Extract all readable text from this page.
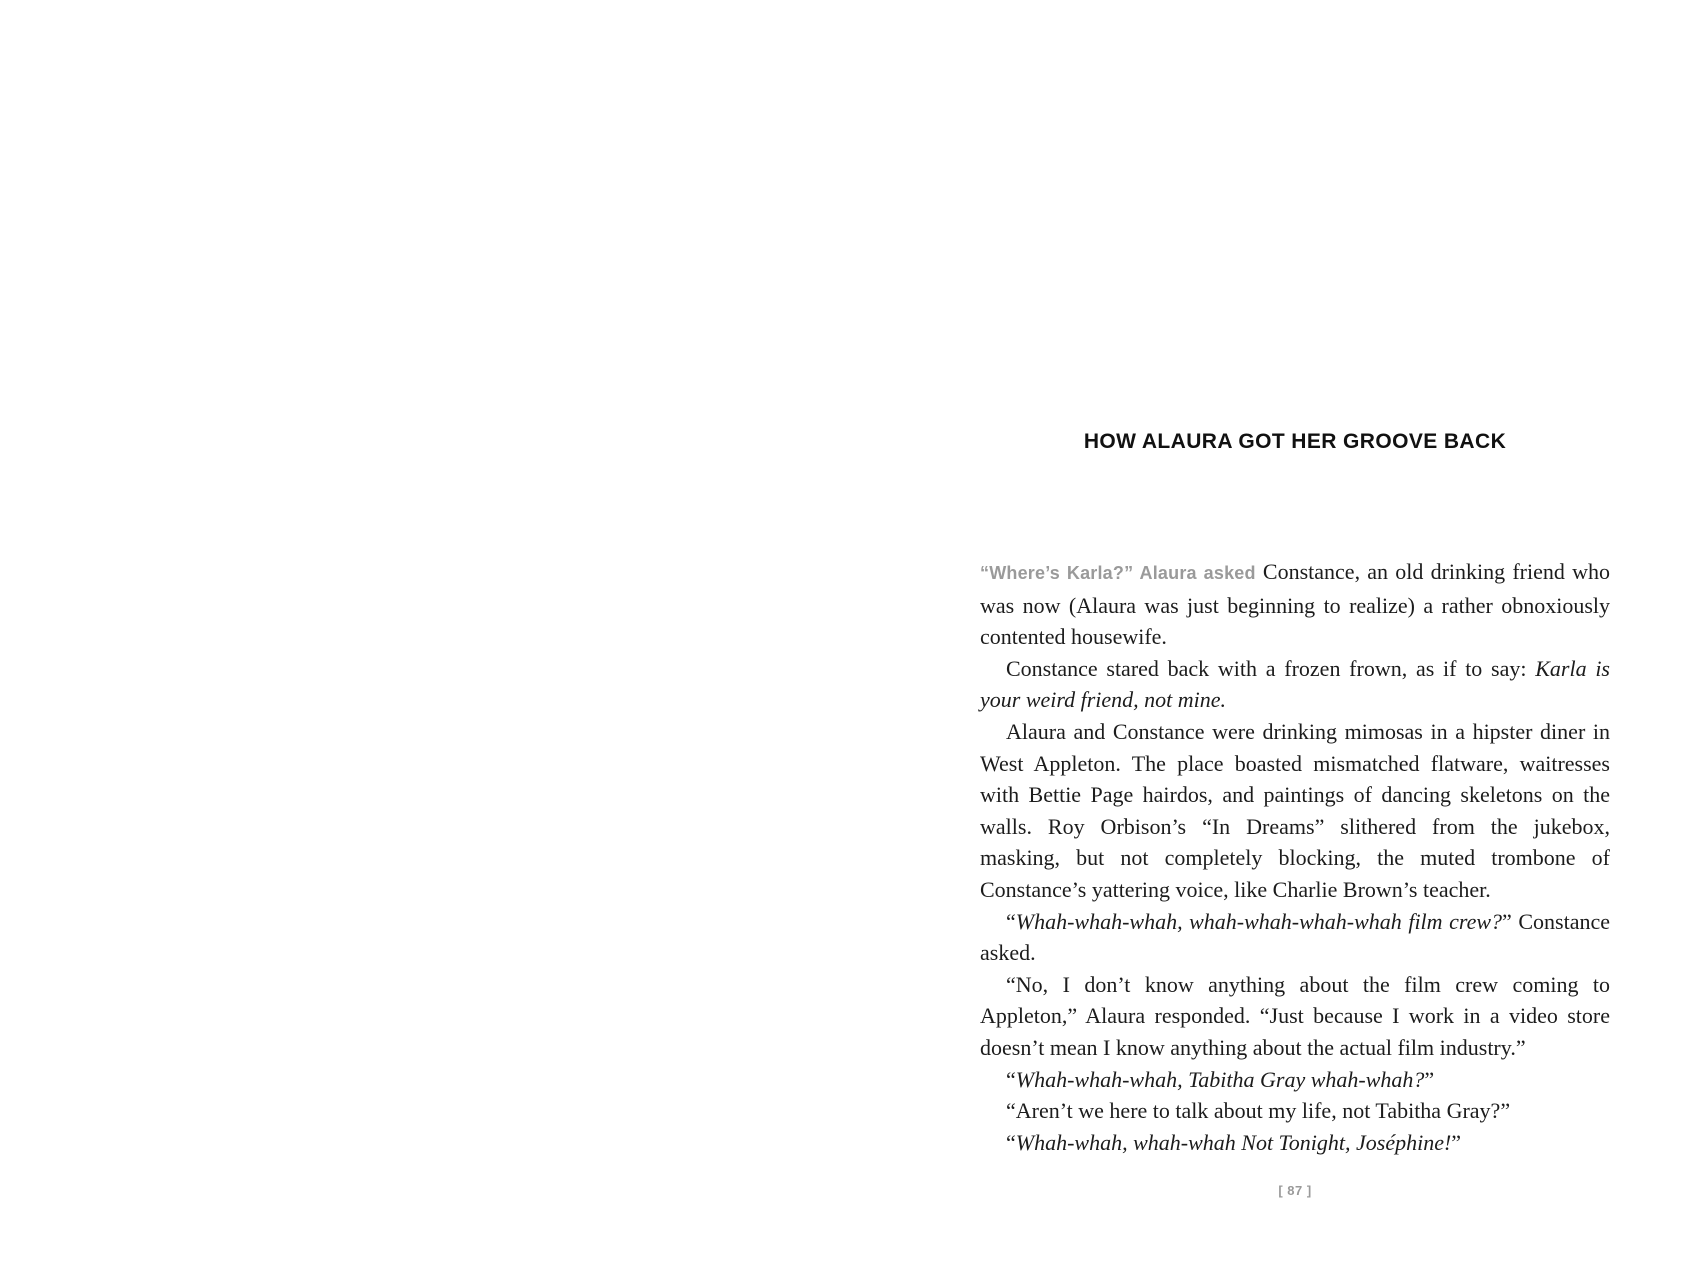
HOW ALAURA GOT HER GROOVE BACK

“Where’s Karla?” Alaura asked Constance, an old drinking friend who was now (Alaura was just beginning to realize) a rather obnoxiously contented housewife.

Constance stared back with a frozen frown, as if to say: Karla is your weird friend, not mine.

Alaura and Constance were drinking mimosas in a hipster diner in West Appleton. The place boasted mismatched flatware, waitresses with Bettie Page hairdos, and paintings of dancing skeletons on the walls. Roy Orbison’s “In Dreams” slithered from the jukebox, masking, but not completely blocking, the muted trombone of Constance’s yattering voice, like Charlie Brown’s teacher.

“Whah-whah-whah, whah-whah-whah-whah film crew?” Constance asked.

“No, I don’t know anything about the film crew coming to Appleton,” Alaura responded. “Just because I work in a video store doesn’t mean I know anything about the actual film industry.”

“Whah-whah-whah, Tabitha Gray whah-whah?”

“Aren’t we here to talk about my life, not Tabitha Gray?”

“Whah-whah, whah-whah Not Tonight, Joséphine!”

[ 87 ]
